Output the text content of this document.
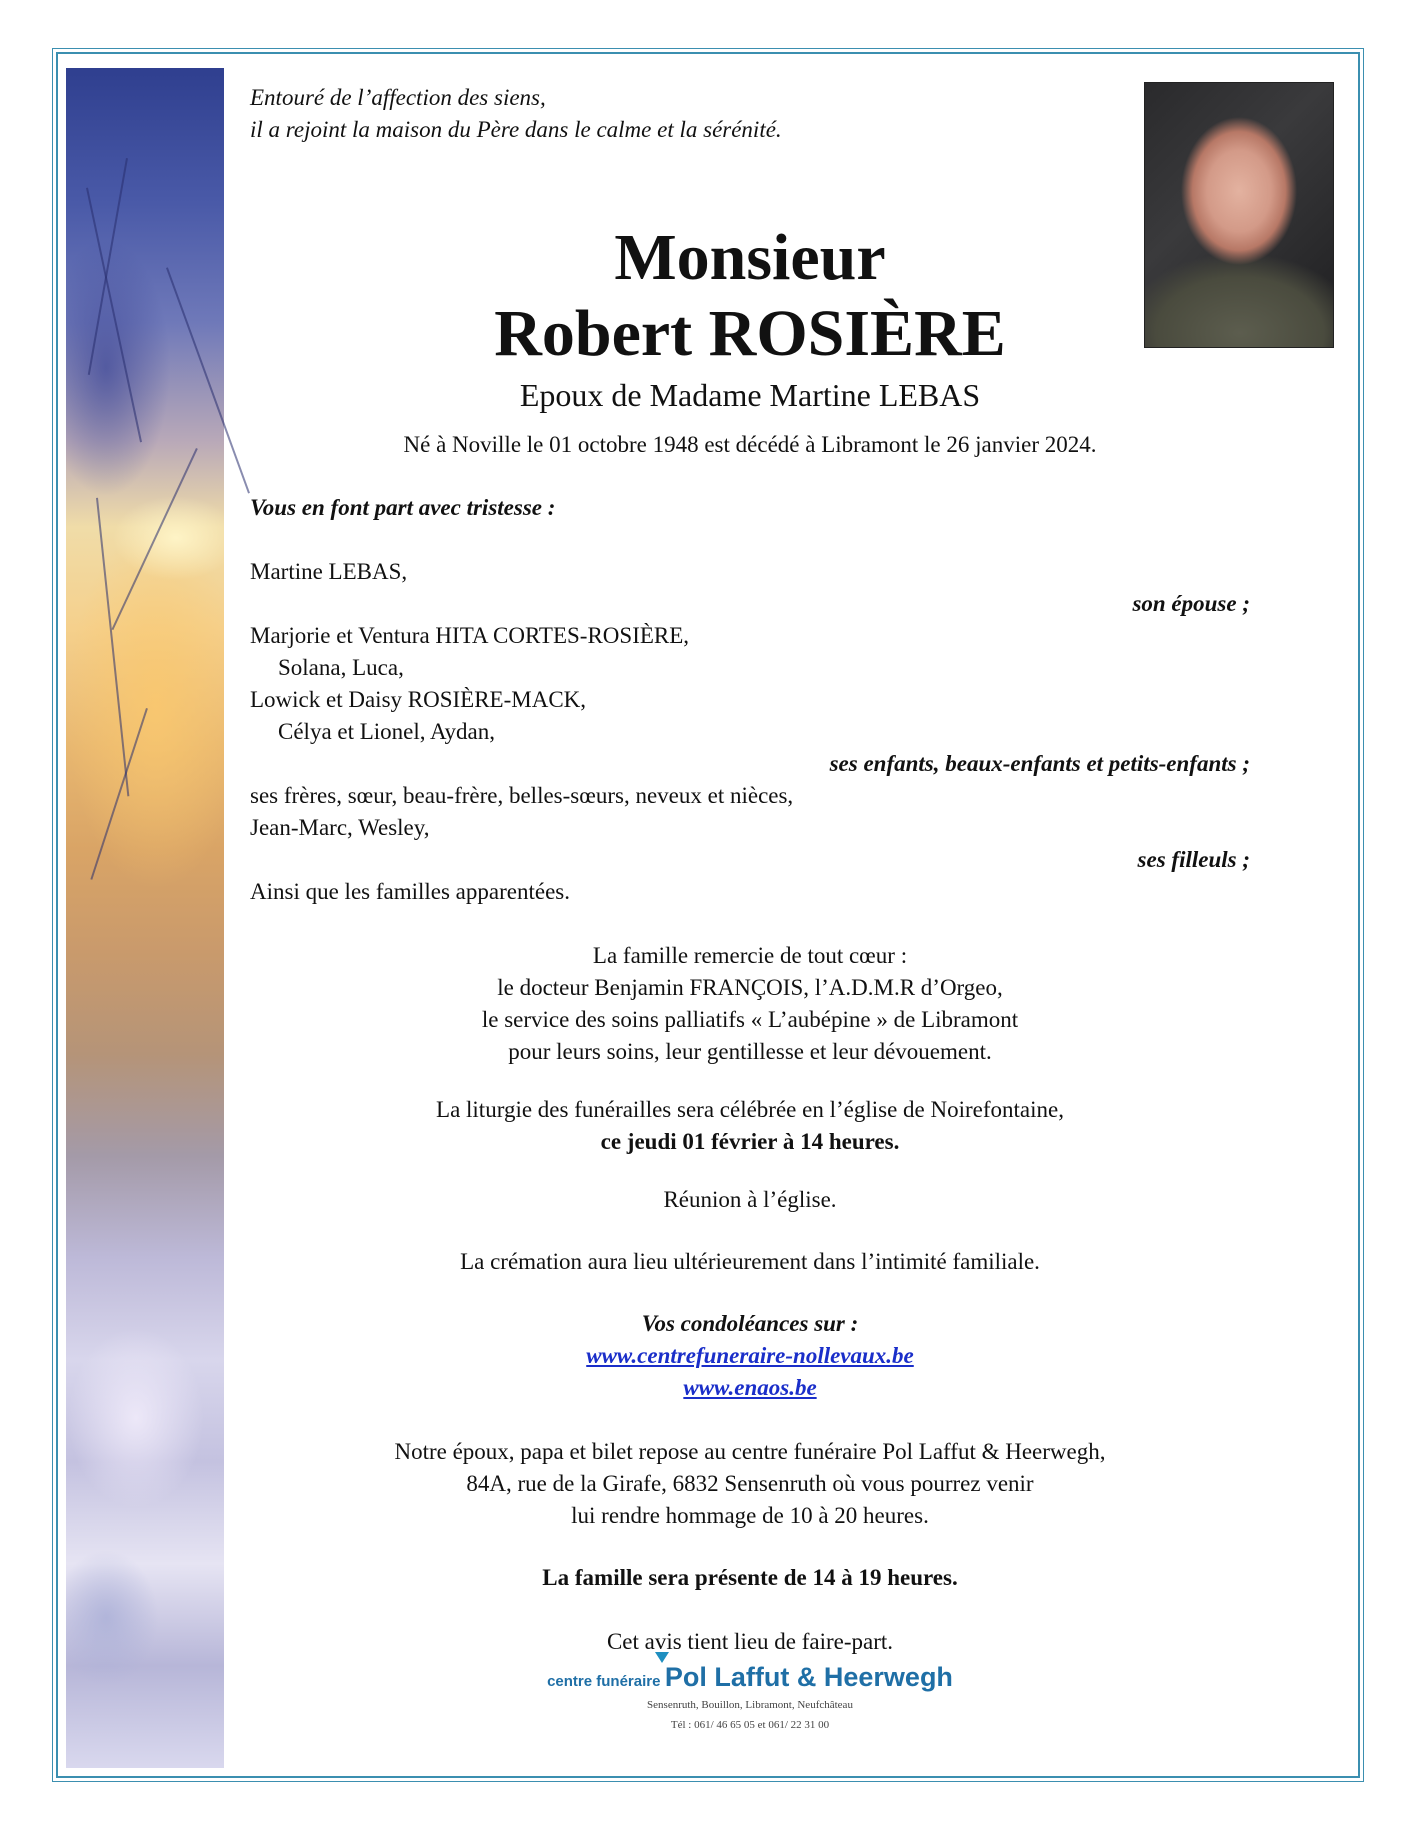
Entouré de l’affection des siens,
il a rejoint la maison du Père dans le calme et la sérénité.
Monsieur
Robert ROSIÈRE
Epoux de Madame Martine LEBAS
Né à Noville le 01 octobre 1948 est décédé à Libramont le 26 janvier 2024.
Vous en font part avec tristesse :
Martine LEBAS,
son épouse ;
Marjorie et Ventura HITA CORTES-ROSIÈRE,
Solana, Luca,
Lowick et Daisy ROSIÈRE-MACK,
Célya et Lionel, Aydan,
ses enfants, beaux-enfants et petits-enfants ;
ses frères, sœur, beau-frère, belles-sœurs, neveux et nièces,
Jean-Marc, Wesley,
ses filleuls ;
Ainsi que les familles apparentées.
La famille remercie de tout cœur :
le docteur Benjamin FRANÇOIS, l’A.D.M.R d’Orgeo,
le service des soins palliatifs « L’aubépine » de Libramont
pour leurs soins, leur gentillesse et leur dévouement.
La liturgie des funérailles sera célébrée en l’église de Noirefontaine,
ce jeudi 01 février à 14 heures.
Réunion à l’église.
La crémation aura lieu ultérieurement dans l’intimité familiale.
Vos condoléances sur :
www.centrefuneraire-nollevaux.be
www.enaos.be
Notre époux, papa et bilet repose au centre funéraire Pol Laffut & Heerwegh,
84A, rue de la Girafe, 6832 Sensenruth où vous pourrez venir
lui rendre hommage de 10 à 20 heures.
La famille sera présente de 14 à 19 heures.
Cet avis tient lieu de faire-part.
centre funéraire Pol Laffut & Heerwegh
Sensenruth, Bouillon, Libramont, Neufchâteau
Tél : 061/ 46 65 05 et 061/ 22 31 00
